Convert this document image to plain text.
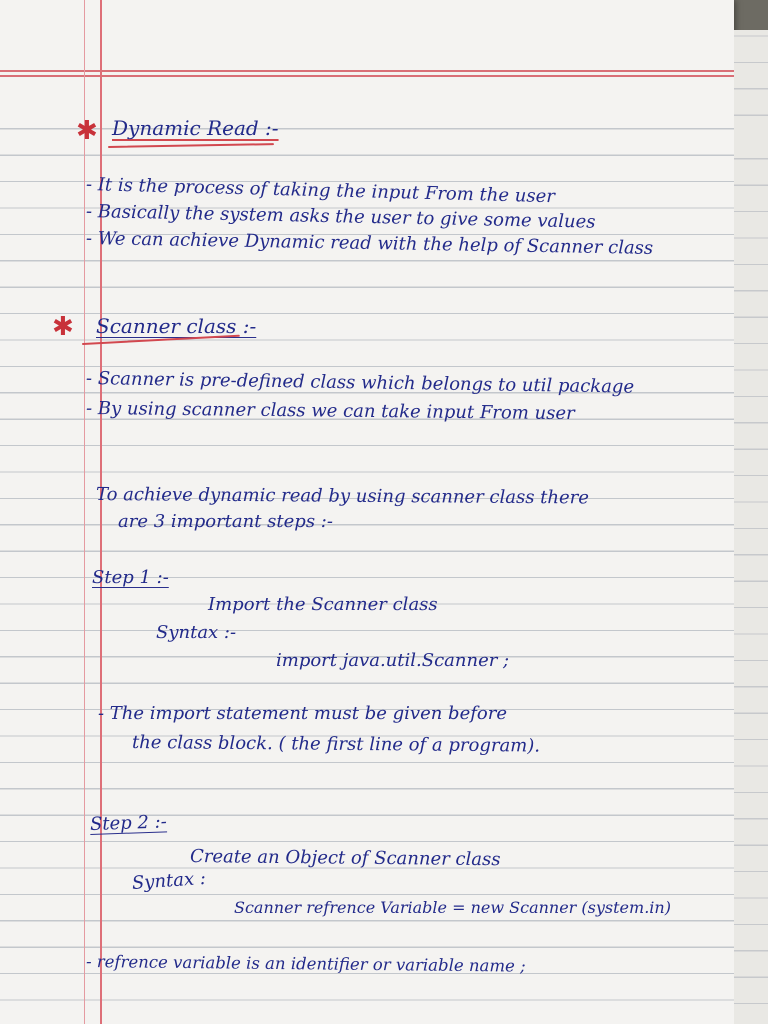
✱ Dynamic Read :-
- It is the process of taking the input From the user
- Basically the system asks the user to give some values
- We can achieve Dynamic read with the help of Scanner class
✱ Scanner class :-
- Scanner is pre-defined class which belongs to util package
- By using scanner class we can take input From user
To achieve dynamic read by using scanner class there
are 3 important steps :-
Step 1 :-
Import the Scanner class
Syntax :-
import java.util.Scanner ;
- The import statement must be given before
the class block. ( the first line of a program).
Step 2 :-
Create an Object of Scanner class
Syntax :
Scanner refrence Variable = new Scanner (system.in)
- refrence variable is an identifier or variable name ;
